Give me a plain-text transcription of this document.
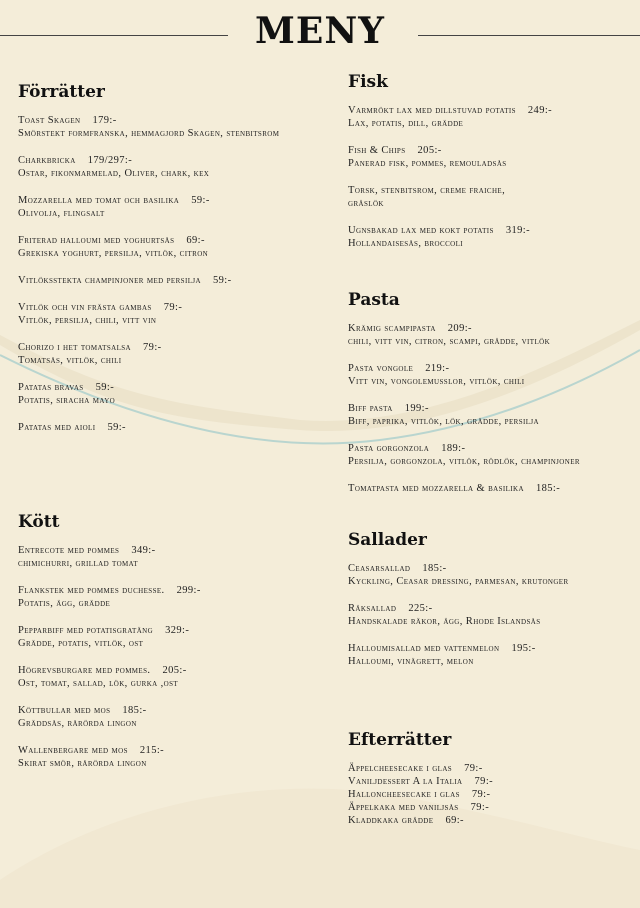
MENY
Förrätter
Toast Skagen 179:-
Smörstekt formfranska, hemmagjord Skagen, stenbitsrom
Charkbricka 179/297:-
Ostar, fikonmarmelad, Oliver, chark, kex
Mozzarella med tomat och basilika 59:-
Olivolja, flingsalt
Friterad halloumi med yoghurtsås 69:-
Grekiska yoghurt, persilja, vitlök, citron
Vitlöksstekta champinjoner med persilja 59:-
Vitlök och vin frästa gambas 79:-
Vitlök, persilja, chili, vitt vin
Chorizo i het tomatsalsa 79:-
Tomatsås, vitlök, chili
Patatas bravas 59:-
Potatis, siracha mayo
Patatas med aioli 59:-
Kött
Entrecote med pommes 349:-
chimichurri, grillad tomat
Flankstek med pommes duchesse. 299:-
Potatis, ägg, grädde
Pepparbiff med potatisgratäng 329:-
Grädde, potatis, vitlök, ost
Högrevsburgare med pommes. 205:-
Ost, tomat, sallad, lök, gurka ,ost
Köttbullar med mos 185:-
Gräddsås, rårörda lingon
Wallenbergare med mos 215:-
Skirat smör, rårörda lingon
Fisk
Varmrökt lax med dillstuvad potatis 249:-
Lax, potatis, dill, grädde
Fish & Chips 205:-
Panerad fisk, pommes, remouladsås
Torsk, stenbitsrom, creme fraiche,
gräslök
Ugnsbakad lax med kokt potatis 319:-
Hollandaisesås, broccoli
Pasta
Krämig scampipasta 209:-
chili, vitt vin, citron, scampi, grädde, vitlök
Pasta vongole 219:-
Vitt vin, vongolemusslor, vitlök, chili
Biff pasta 199:-
Biff, paprika, vitlök, lök, grädde, persilja
Pasta gorgonzola 189:-
Persilja, gorgonzola, vitlök, rödlök, champinjoner
Tomatpasta med mozzarella & basilika 185:-
Sallader
Ceasarsallad 185:-
Kyckling, Ceasar dressing, parmesan, krutonger
Räksallad 225:-
Handskalade räkor, ägg, Rhode Islandsås
Halloumisallad med vattenmelon 195:-
Halloumi, vinägrett, melon
Efterrätter
Äppelcheesecake i glas 79:-
Vaniljdessert A la Italia 79:-
Halloncheesecake i glas 79:-
Äppelkaka med vaniljsås 79:-
Kladdkaka grädde 69:-
